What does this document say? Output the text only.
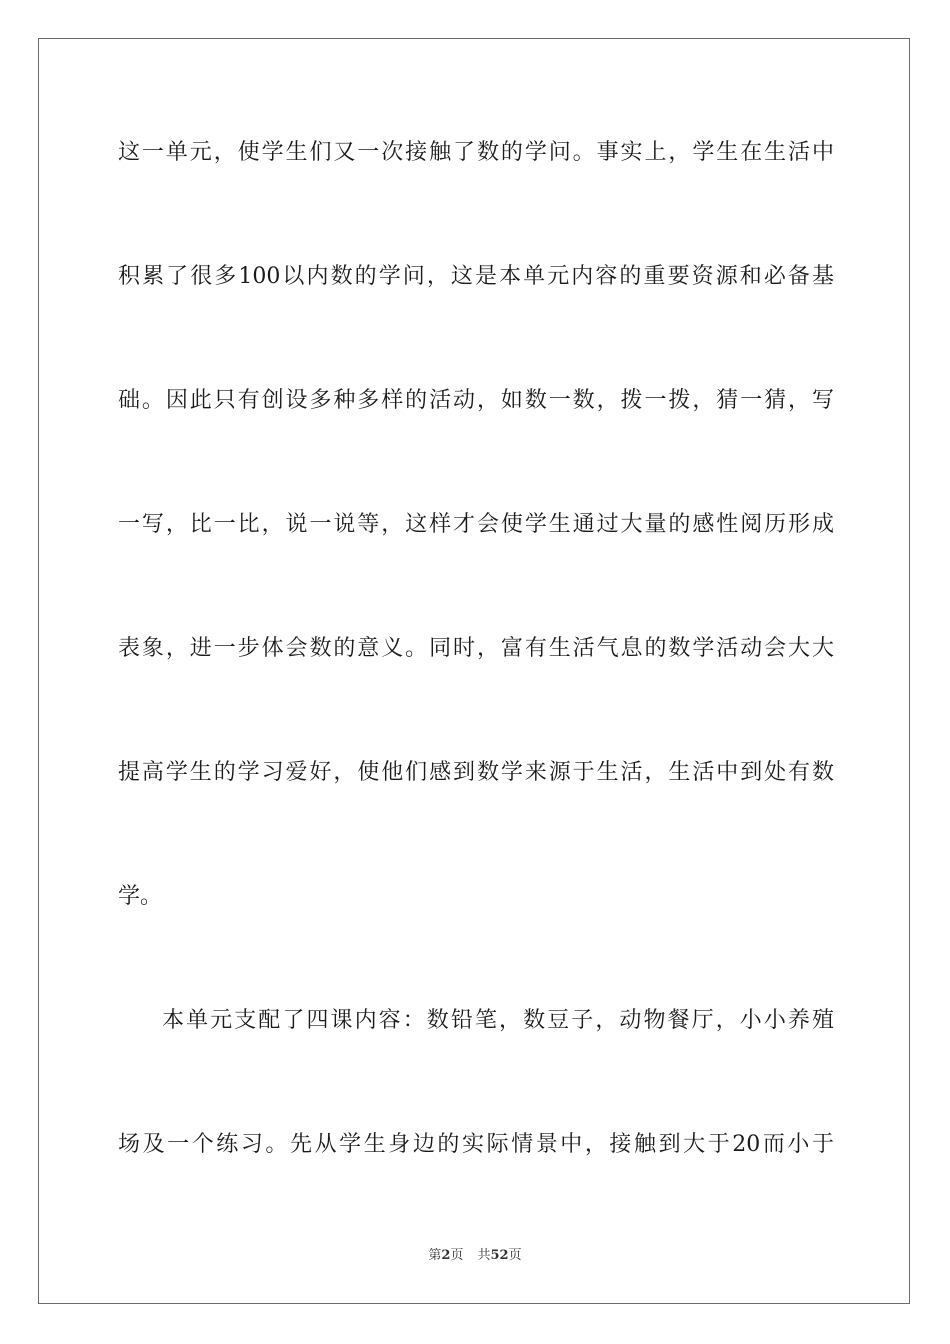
这一单元，使学生们又一次接触了数的学问。事实上，学生在生活中
积累了很多100以内数的学问，这是本单元内容的重要资源和必备基
础。因此只有创设多种多样的活动，如数一数，拨一拨，猜一猜，写
一写，比一比，说一说等，这样才会使学生通过大量的感性阅历形成
表象，进一步体会数的意义。同时，富有生活气息的数学活动会大大
提高学生的学习爱好，使他们感到数学来源于生活，生活中到处有数
学。
本单元支配了四课内容：数铅笔，数豆子，动物餐厅，小小养殖
场及一个练习。先从学生身边的实际情景中，接触到大于20而小于
第2页 共52页
